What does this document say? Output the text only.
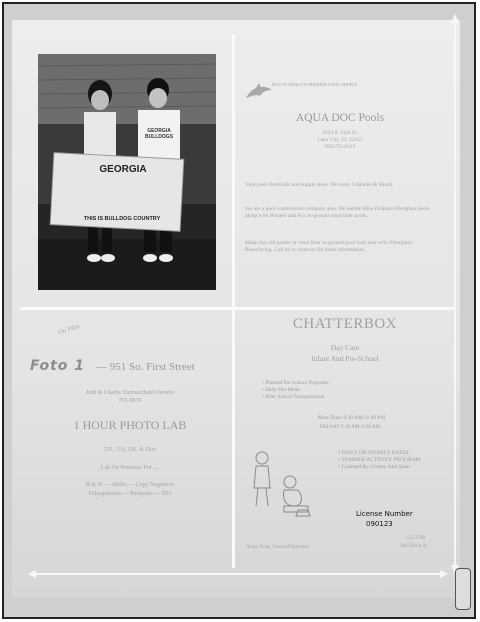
GEORGIA
THIS IS BULLDOG COUNTRY
GEORGIA BULLDOGS
BUY FLORIDA'S PREMIER POOL SUPPLY
AQUA DOC Pools
1024 S. First St.
Lake City, FL 32055
904/755-0412
Your pool chemicals and supply store. We carry Granules & Shock.
We are a pool construction company also. We handle Blue Dolphin Fiberglass pools along with Pioneer and Fox in-ground vinyl liner pools.
Make that old gunite or vinyl liner in-ground pool look new with Fiberglass Resurfacing. Call us or come by for more information.
On Film
Foto 1 — 951 So. First Street
Judi & Charlie Turmarchant Owners
755-9070
1 HOUR PHOTO LAB
135, 110, 126, & Disc
Lab On Premises For ....
B & W — Slides — Copy Negatives
Enlargements — Passports — ID's
CHATTERBOX
Day Care
Infant And Pre-School
• Planned Pre-School Programs
• Daily Hot Meals
• After School Transportation
Mon-Thurs 6:30 AM-11:00 PM
FRI-SAT 6:30 AM-2:00 AM
• DAILY OR WEEKLY RATES
• SUMMER ACTIVITY PROGRAM
• Licensed By County And State
License Number
090123
755-1780
306 Dixon St.
Anna Friar, Owner/Operator
